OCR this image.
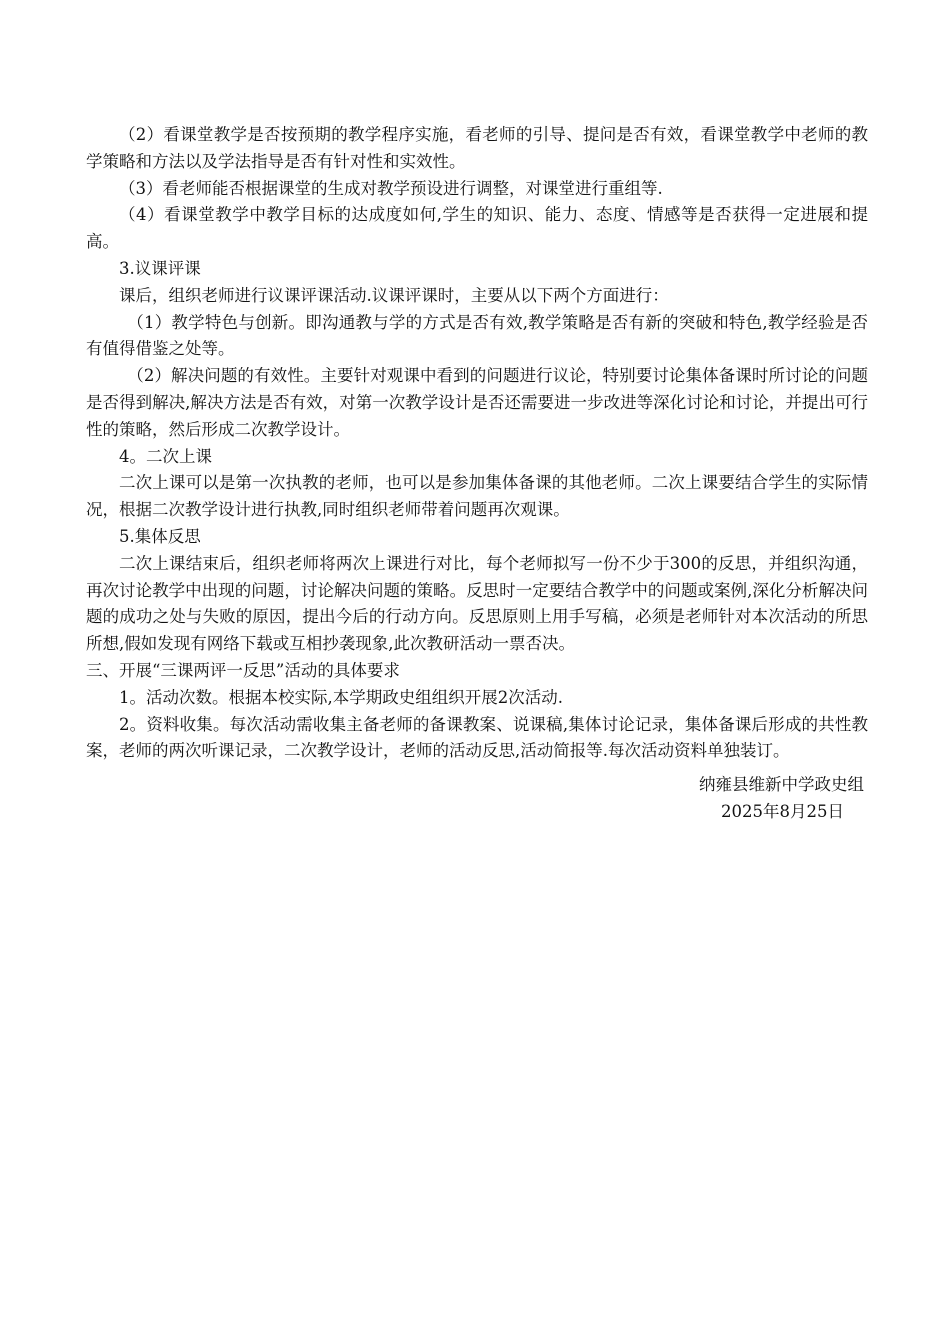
（2）看课堂教学是否按预期的教学程序实施，看老师的引导、提问是否有效，看课堂教学中老师的教学策略和方法以及学法指导是否有针对性和实效性。

（3）看老师能否根据课堂的生成对教学预设进行调整，对课堂进行重组等.

（4）看课堂教学中教学目标的达成度如何,学生的知识、能力、态度、情感等是否获得一定进展和提高。

3.议课评课

课后，组织老师进行议课评课活动.议课评课时，主要从以下两个方面进行：

（1）教学特色与创新。即沟通教与学的方式是否有效,教学策略是否有新的突破和特色,教学经验是否有值得借鉴之处等。

（2）解决问题的有效性。主要针对观课中看到的问题进行议论，特别要讨论集体备课时所讨论的问题是否得到解决,解决方法是否有效，对第一次教学设计是否还需要进一步改进等深化讨论和讨论，并提出可行性的策略，然后形成二次教学设计。

4。二次上课

二次上课可以是第一次执教的老师，也可以是参加集体备课的其他老师。二次上课要结合学生的实际情况，根据二次教学设计进行执教,同时组织老师带着问题再次观课。

5.集体反思

二次上课结束后，组织老师将两次上课进行对比，每个老师拟写一份不少于300的反思，并组织沟通，再次讨论教学中出现的问题，讨论解决问题的策略。反思时一定要结合教学中的问题或案例,深化分析解决问题的成功之处与失败的原因，提出今后的行动方向。反思原则上用手写稿，必须是老师针对本次活动的所思所想,假如发现有网络下载或互相抄袭现象,此次教研活动一票否决。

三、开展“三课两评一反思”活动的具体要求

1。活动次数。根据本校实际,本学期政史组组织开展2次活动.

2。资料收集。每次活动需收集主备老师的备课教案、说课稿,集体讨论记录，集体备课后形成的共性教案，老师的两次听课记录，二次教学设计，老师的活动反思,活动简报等.每次活动资料单独装订。

纳雍县维新中学政史组
2025年8月25日
